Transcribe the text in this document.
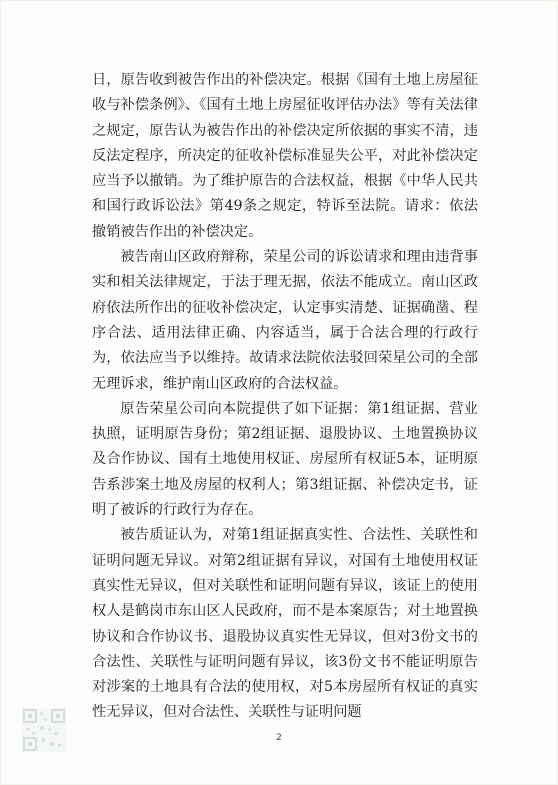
日，原告收到被告作出的补偿决定。根据《国有土地上房屋征收与补偿条例》、《国有土地上房屋征收评估办法》等有关法律之规定，原告认为被告作出的补偿决定所依据的事实不清，违反法定程序，所决定的征收补偿标准显失公平，对此补偿决定应当予以撤销。为了维护原告的合法权益，根据《中华人民共和国行政诉讼法》第49条之规定，特诉至法院。请求：依法撤销被告作出的补偿决定。

被告南山区政府辩称，荣星公司的诉讼请求和理由违背事实和相关法律规定，于法于理无据，依法不能成立。南山区政府依法所作出的征收补偿决定，认定事实清楚、证据确凿、程序合法、适用法律正确、内容适当，属于合法合理的行政行为，依法应当予以维持。故请求法院依法驳回荣星公司的全部无理诉求，维护南山区政府的合法权益。

原告荣星公司向本院提供了如下证据：第1组证据、营业执照，证明原告身份；第2组证据、退股协议、土地置换协议及合作协议、国有土地使用权证、房屋所有权证5本，证明原告系涉案土地及房屋的权利人；第3组证据、补偿决定书，证明了被诉的行政行为存在。

被告质证认为，对第1组证据真实性、合法性、关联性和证明问题无异议。对第2组证据有异议，对国有土地使用权证真实性无异议，但对关联性和证明问题有异议，该证上的使用权人是鹤岗市东山区人民政府，而不是本案原告；对土地置换协议和合作协议书、退股协议真实性无异议，但对3份文书的合法性、关联性与证明问题有异议，该3份文书不能证明原告对涉案的土地具有合法的使用权，对5本房屋所有权证的真实性无异议，但对合法性、关联性与证明问题

2
